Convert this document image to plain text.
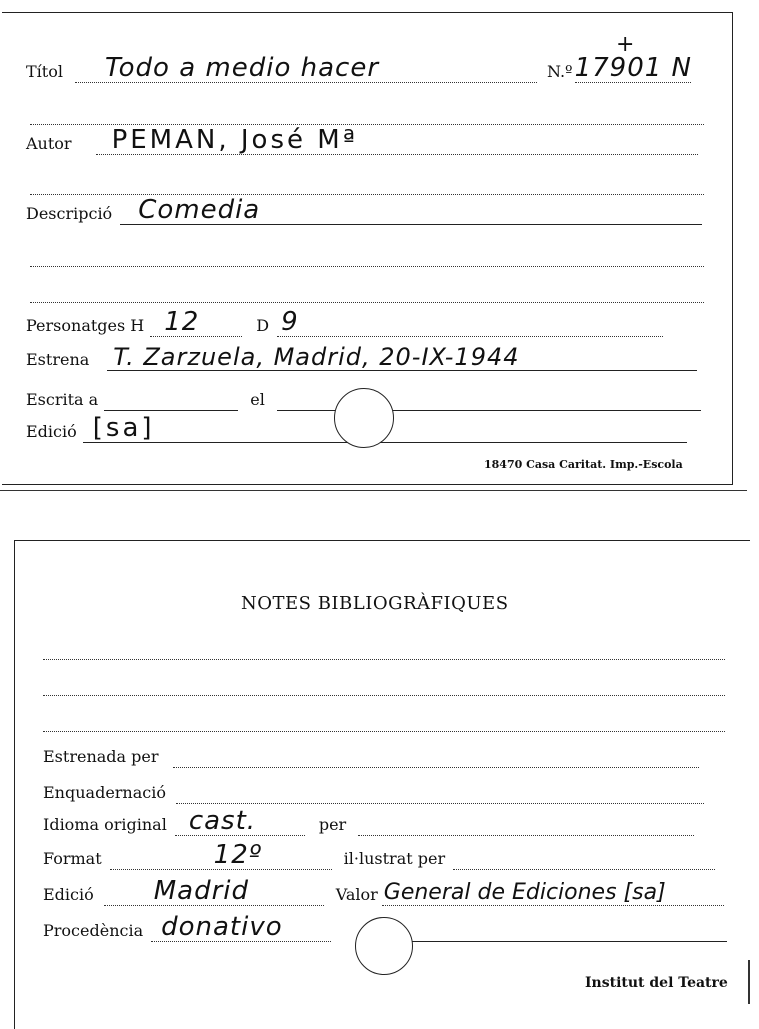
+
Títol Todo a medio hacer	N.º 17901 N
Autor PEMAN, José Mª
Descripció Comedia
Personatges H 12	D 9
Estrena T. Zarzuela, Madrid, 20-IX-1944
Escrita a	el
Edició [sa]
18470 Casa Caritat. Imp.-Escola
NOTES BIBLIOGRÀFIQUES
Estrenada per
Enquadernació
Idioma original cast.	per
Format	12º	il·lustrat per
Edició Madrid	Valor General de Ediciones [sa]
Procedència donativo
Institut del Teatre
